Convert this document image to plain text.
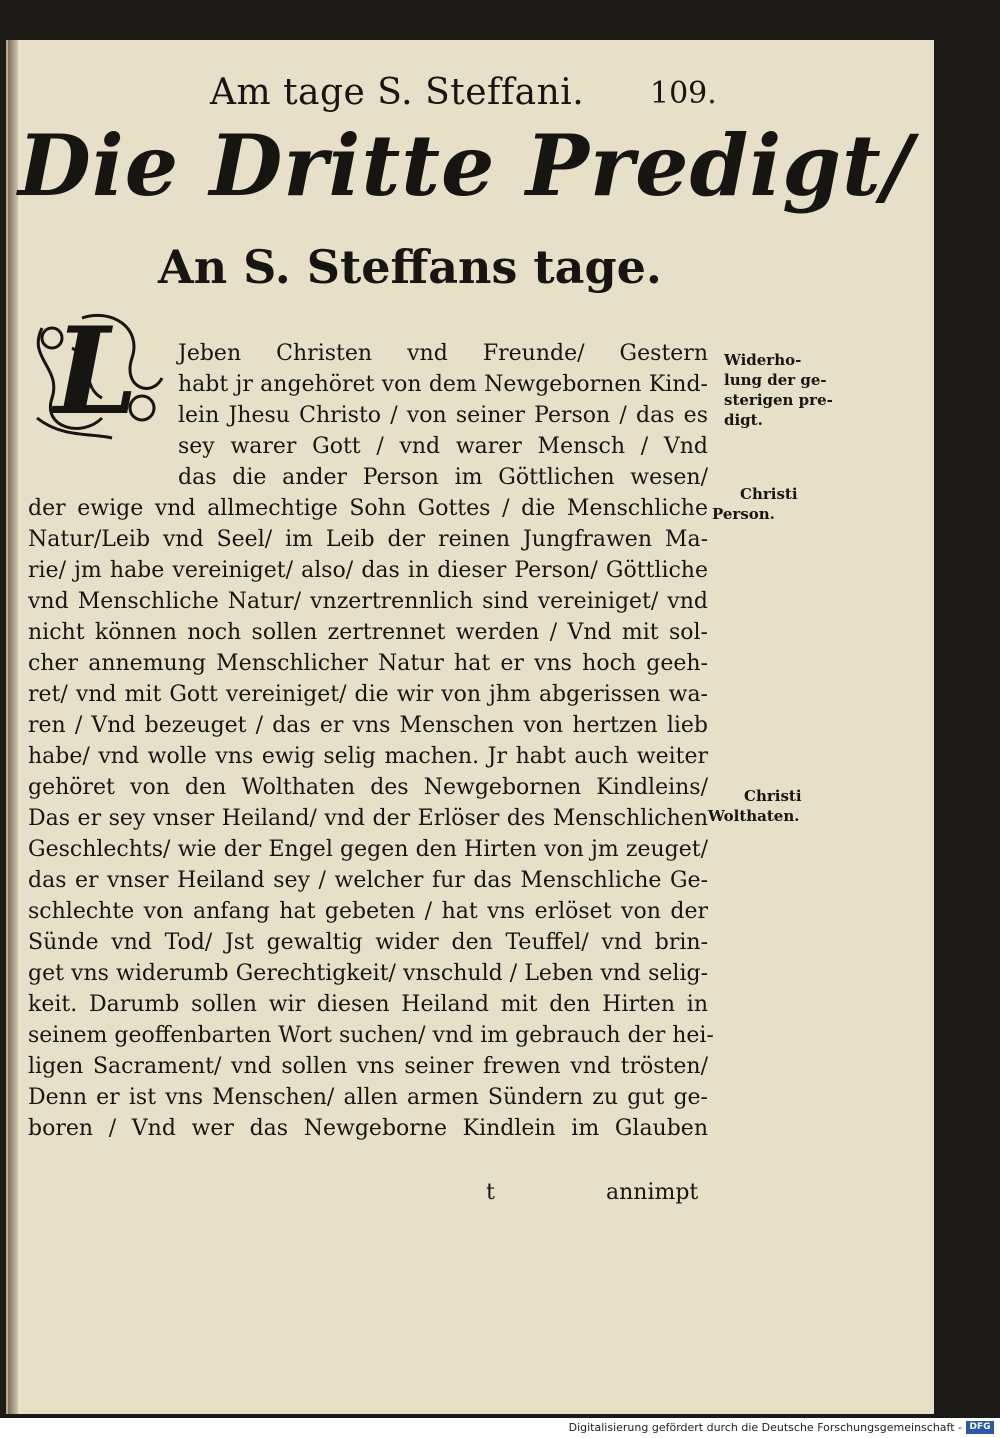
Am tage S. Steffani. 109.
Die Dritte Predigt/
An S. Steffans tage.
L	Jeben Christen vnd Freunde/ Gestern
habt jr angehöret von dem Newgebornen Kind-
lein Jhesu Christo / von seiner Person / das es
sey warer Gott / vnd warer Mensch / Vnd
das die ander Person im Göttlichen wesen/
der ewige vnd allmechtige Sohn Gottes / die Menschliche
Natur/Leib vnd Seel/ im Leib der reinen Jungfrawen Ma-
rie/ jm habe vereiniget/ also/ das in dieser Person/ Göttliche
vnd Menschliche Natur/ vnzertrennlich sind vereiniget/ vnd
nicht können noch sollen zertrennet werden / Vnd mit sol-
cher annemung Menschlicher Natur hat er vns hoch geeh-
ret/ vnd mit Gott vereiniget/ die wir von jhm abgerissen wa-
ren / Vnd bezeuget / das er vns Menschen von hertzen lieb
habe/ vnd wolle vns ewig selig machen. Jr habt auch weiter
gehöret von den Wolthaten des Newgebornen Kindleins/
Das er sey vnser Heiland/ vnd der Erlöser des Menschlichen
Geschlechts/ wie der Engel gegen den Hirten von jm zeuget/
das er vnser Heiland sey / welcher fur das Menschliche Ge-
schlechte von anfang hat gebeten / hat vns erlöset von der
Sünde vnd Tod/ Jst gewaltig wider den Teuffel/ vnd brin-
get vns widerumb Gerechtigkeit/ vnschuld / Leben vnd selig-
keit. Darumb sollen wir diesen Heiland mit den Hirten in
seinem geoffenbarten Wort suchen/ vnd im gebrauch der hei-
ligen Sacrament/ vnd sollen vns seiner frewen vnd trösten/
Denn er ist vns Menschen/ allen armen Sündern zu gut ge-
boren / Vnd wer das Newgeborne Kindlein im Glauben
t	annimpt
Widerho-
lung der ge-
sterigen pre-
digt.
Christi
Person.
Christi
Wolthaten.
Digitalisierung gefördert durch die Deutsche Forschungsgemeinschaft - DFG
